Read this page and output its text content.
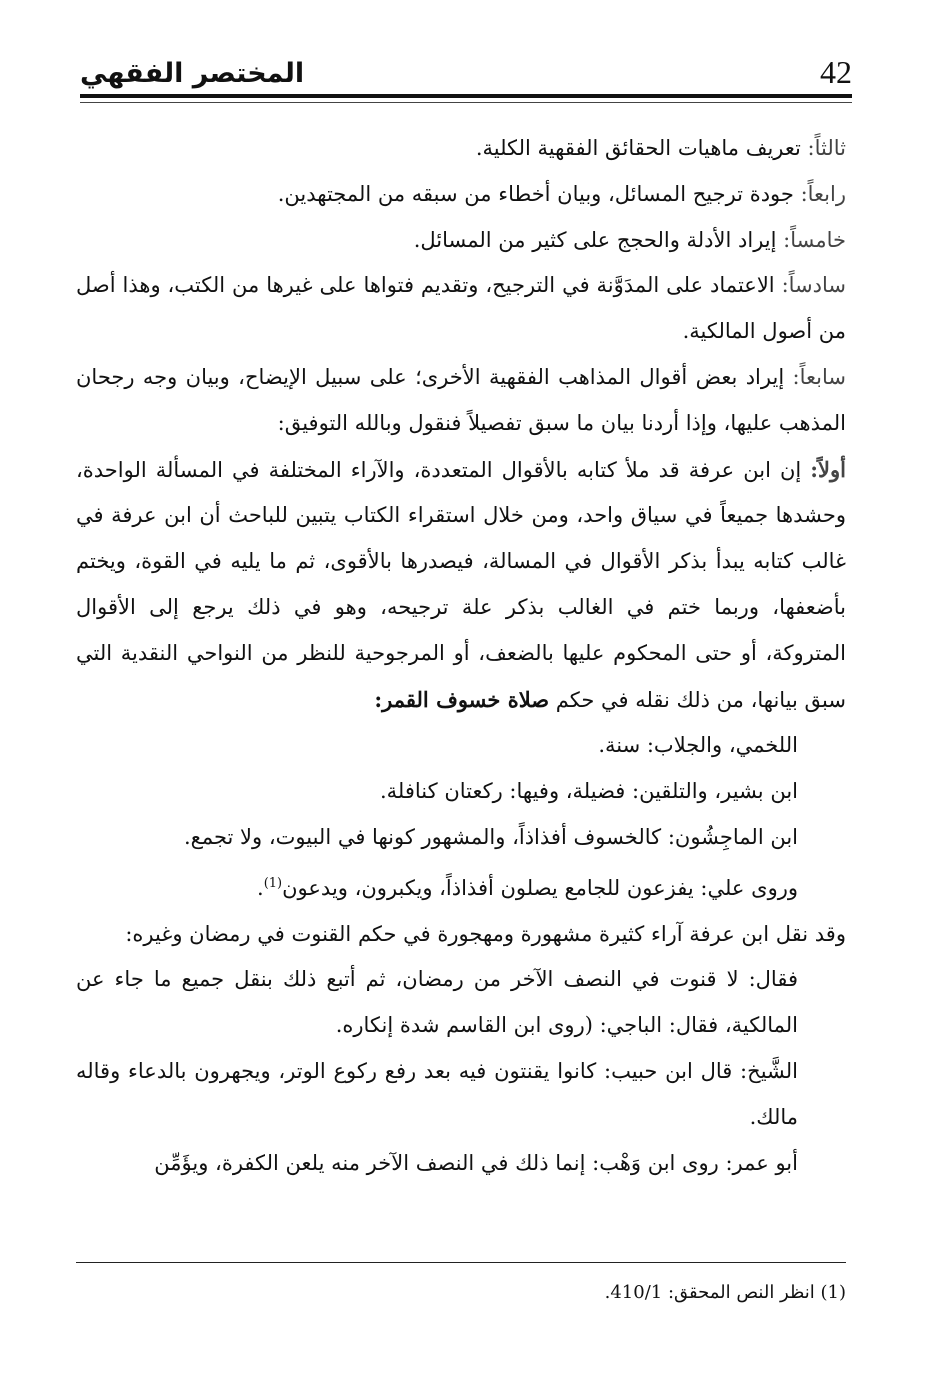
42
المختصر الفقهي

ثالثاً: تعريف ماهيات الحقائق الفقهية الكلية.

رابعاً: جودة ترجيح المسائل، وبيان أخطاء من سبقه من المجتهدين.

خامساً: إيراد الأدلة والحجج على كثير من المسائل.

سادساً: الاعتماد على المدَوَّنة في الترجيح، وتقديم فتواها على غيرها من الكتب، وهذا أصل من أصول المالكية.

سابعاً: إيراد بعض أقوال المذاهب الفقهية الأخرى؛ على سبيل الإيضاح، وبيان وجه رجحان المذهب عليها، وإذا أردنا بيان ما سبق تفصيلاً فنقول وبالله التوفيق:

أولاً: إن ابن عرفة قد ملأ كتابه بالأقوال المتعددة، والآراء المختلفة في المسألة الواحدة، وحشدها جميعاً في سياق واحد، ومن خلال استقراء الكتاب يتبين للباحث أن ابن عرفة في غالب كتابه يبدأ بذكر الأقوال في المسالة، فيصدرها بالأقوى، ثم ما يليه في القوة، ويختم بأضعفها، وربما ختم في الغالب بذكر علة ترجيحه، وهو في ذلك يرجع إلى الأقوال المتروكة، أو حتى المحكوم عليها بالضعف، أو المرجوحية للنظر من النواحي النقدية التي سبق بيانها، من ذلك نقله في حكم صلاة خسوف القمر:

اللخمي، والجلاب: سنة.

ابن بشير، والتلقين: فضيلة، وفيها: ركعتان كنافلة.

ابن الماجِشُون: كالخسوف أفذاذاً، والمشهور كونها في البيوت، ولا تجمع.

وروى علي: يفزعون للجامع يصلون أفذاذاً، ويكبرون، ويدعون$^{(1)}$.

وقد نقل ابن عرفة آراء كثيرة مشهورة ومهجورة في حكم القنوت في رمضان وغيره:

فقال: لا قنوت في النصف الآخر من رمضان، ثم أتبع ذلك بنقل جميع ما جاء عن المالكية، فقال: الباجي: (روى ابن القاسم شدة إنكاره.

الشَّيخ: قال ابن حبيب: كانوا يقنتون فيه بعد رفع ركوع الوتر، ويجهرون بالدعاء وقاله مالك.

أبو عمر: روى ابن وَهْب: إنما ذلك في النصف الآخر منه يلعن الكفرة، ويؤَمِّن

(1) انظر النص المحقق: 410/1.
